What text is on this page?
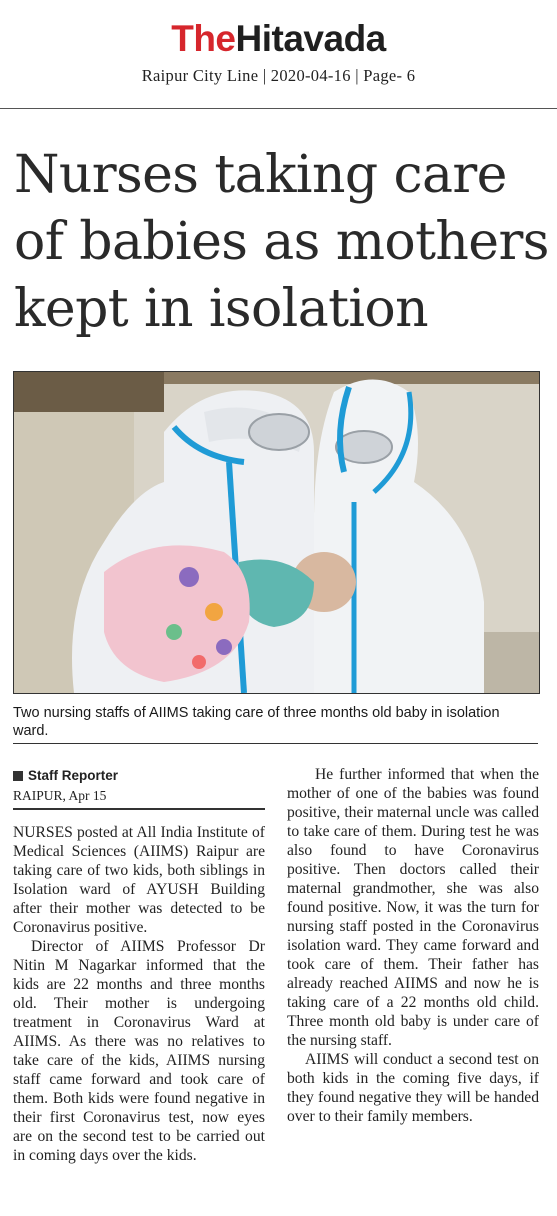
TheHitavada
Raipur City Line | 2020-04-16 | Page- 6
Nurses taking care of babies as mothers kept in isolation
Two nursing staffs of AIIMS taking care of three months old baby in isolation ward.
Staff Reporter
RAIPUR, Apr 15

NURSES posted at All India Institute of Medical Sciences (AIIMS) Raipur are taking care of two kids, both siblings in Isolation ward of AYUSH Building after their mother was detected to be Coronavirus positive.

Director of AIIMS Professor Dr Nitin M Nagarkar informed that the kids are 22 months and three months old. Their mother is undergoing treatment in Coronavirus Ward at AIIMS. As there was no relatives to take care of the kids, AIIMS nursing staff came forward and took care of them. Both kids were found negative in their first Coronavirus test, now eyes are on the second test to be carried out in coming days over the kids.

He further informed that when the mother of one of the babies was found positive, their maternal uncle was called to take care of them. During test he was also found to have Coronavirus positive. Then doctors called their maternal grandmother, she was also found positive. Now, it was the turn for nursing staff posted in the Coronavirus isolation ward. They came forward and took care of them. Their father has already reached AIIMS and now he is taking care of a 22 months old child. Three month old baby is under care of the nursing staff.

AIIMS will conduct a second test on both kids in the coming five days, if they found negative they will be handed over to their family members.
